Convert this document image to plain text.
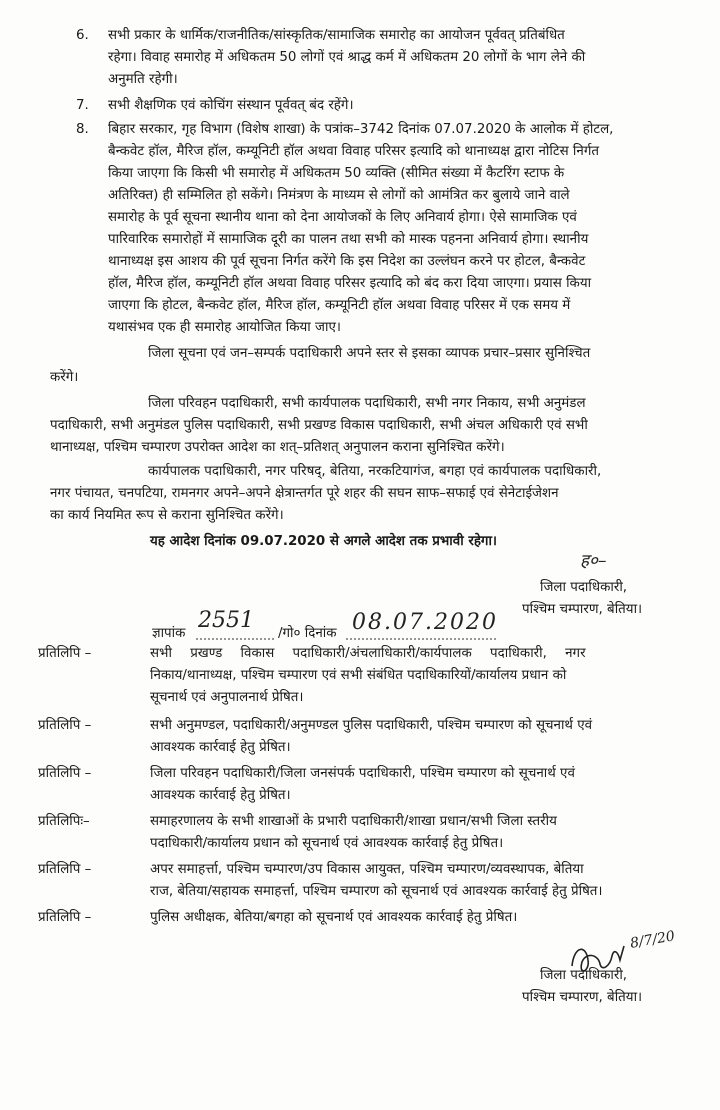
6. सभी प्रकार के धार्मिक/राजनीतिक/सांस्कृतिक/सामाजिक समारोह का आयोजन पूर्ववत् प्रतिबंधित
रहेगा। विवाह समारोह में अधिकतम 50 लोगों एवं श्राद्ध कर्म में अधिकतम 20 लोगों के भाग लेने की
अनुमति रहेगी।
7. सभी शैक्षणिक एवं कोचिंग संस्थान पूर्ववत् बंद रहेंगे।
8. बिहार सरकार, गृह विभाग (विशेष शाखा) के पत्रांक–3742 दिनांक 07.07.2020 के आलोक में होटल,
बैन्कवेट हॉल, मैरिज हॉल, कम्यूनिटी हॉल अथवा विवाह परिसर इत्यादि को थानाध्यक्ष द्वारा नोटिस निर्गत
किया जाएगा कि किसी भी समारोह में अधिकतम 50 व्यक्ति (सीमित संख्या में कैटरिंग स्टाफ के
अतिरिक्त) ही सम्मिलित हो सकेंगे। निमंत्रण के माध्यम से लोगों को आमंत्रित कर बुलाये जाने वाले
समारोह के पूर्व सूचना स्थानीय थाना को देना आयोजकों के लिए अनिवार्य होगा। ऐसे सामाजिक एवं
पारिवारिक समारोहों में सामाजिक दूरी का पालन तथा सभी को मास्क पहनना अनिवार्य होगा। स्थानीय
थानाध्यक्ष इस आशय की पूर्व सूचना निर्गत करेंगे कि इस निदेश का उल्लंघन करने पर होटल, बैन्कवेट
हॉल, मैरिज हॉल, कम्यूनिटी हॉल अथवा विवाह परिसर इत्यादि को बंद करा दिया जाएगा। प्रयास किया
जाएगा कि होटल, बैन्कवेट हॉल, मैरिज हॉल, कम्यूनिटी हॉल अथवा विवाह परिसर में एक समय में
यथासंभव एक ही समारोह आयोजित किया जाए।
जिला सूचना एवं जन–सम्पर्क पदाधिकारी अपने स्तर से इसका व्यापक प्रचार–प्रसार सुनिश्चित
करेंगे।
जिला परिवहन पदाधिकारी, सभी कार्यपालक पदाधिकारी, सभी नगर निकाय, सभी अनुमंडल
पदाधिकारी, सभी अनुमंडल पुलिस पदाधिकारी, सभी प्रखण्ड विकास पदाधिकारी, सभी अंचल अधिकारी एवं सभी
थानाध्यक्ष, पश्चिम चम्पारण उपरोक्त आदेश का शत्–प्रतिशत् अनुपालन कराना सुनिश्चित करेंगे।
कार्यपालक पदाधिकारी, नगर परिषद्, बेतिया, नरकटियागंज, बगहा एवं कार्यपालक पदाधिकारी,
नगर पंचायत, चनपटिया, रामनगर अपने–अपने क्षेत्रान्तर्गत पूरे शहर की सघन साफ–सफाई एवं सेनेटाईजेशन
का कार्य नियमित रूप से कराना सुनिश्चित करेंगे।
यह आदेश दिनांक 09.07.2020 से अगले आदेश तक प्रभावी रहेगा।
ह०–
जिला पदाधिकारी,
पश्चिम चम्पारण, बेतिया।
ज्ञापांक
2551
/गो० दिनांक 08.07.2020
प्रतिलिपि –	सभी प्रखण्ड विकास पदाधिकारी/अंचलाधिकारी/कार्यपालक पदाधिकारी, नगर
निकाय/थानाध्यक्ष, पश्चिम चम्पारण एवं सभी संबंधित पदाधिकारियों/कार्यालय प्रधान को
सूचनार्थ एवं अनुपालनार्थ प्रेषित।
प्रतिलिपि –	सभी अनुमण्डल, पदाधिकारी/अनुमण्डल पुलिस पदाधिकारी, पश्चिम चम्पारण को सूचनार्थ एवं
आवश्यक कार्रवाई हेतु प्रेषित।
प्रतिलिपि –	जिला परिवहन पदाधिकारी/जिला जनसंपर्क पदाधिकारी, पश्चिम चम्पारण को सूचनार्थ एवं
आवश्यक कार्रवाई हेतु प्रेषित।
प्रतिलिपिः–	समाहरणालय के सभी शाखाओं के प्रभारी पदाधिकारी/शाखा प्रधान/सभी जिला स्तरीय
पदाधिकारी/कार्यालय प्रधान को सूचनार्थ एवं आवश्यक कार्रवाई हेतु प्रेषित।
प्रतिलिपि –	अपर समाहर्त्ता, पश्चिम चम्पारण/उप विकास आयुक्त, पश्चिम चम्पारण/व्यवस्थापक, बेतिया
राज, बेतिया/सहायक समाहर्त्ता, पश्चिम चम्पारण को सूचनार्थ एवं आवश्यक कार्रवाई हेतु प्रेषित।
प्रतिलिपि –	पुलिस अधीक्षक, बेतिया/बगहा को सूचनार्थ एवं आवश्यक कार्रवाई हेतु प्रेषित।
8/7/20
जिला पदाधिकारी,
पश्चिम चम्पारण, बेतिया।
